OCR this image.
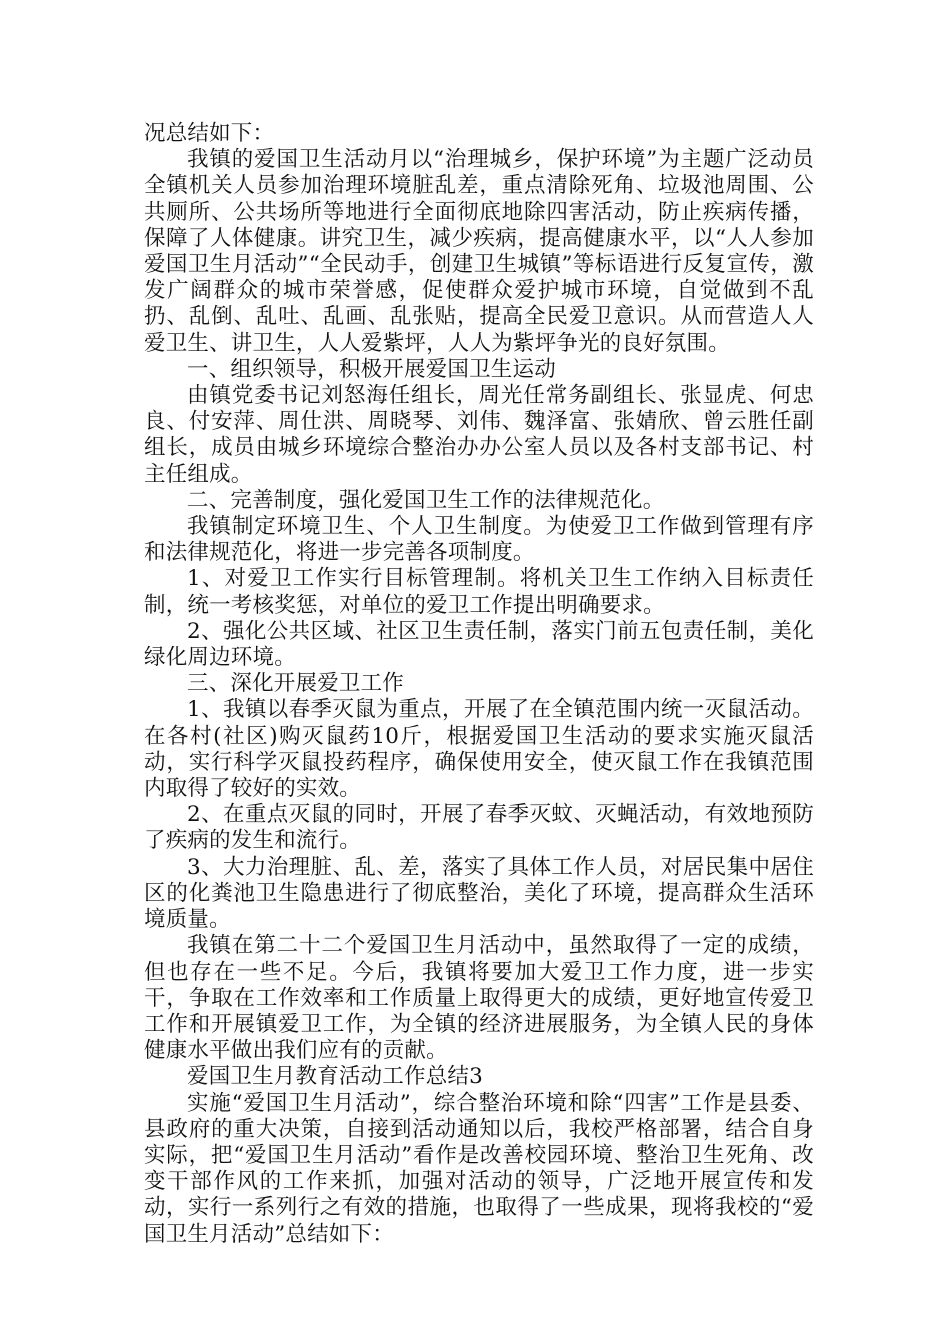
况总结如下：

我镇的爱国卫生活动月以“治理城乡，保护环境”为主题广泛动员全镇机关人员参加治理环境脏乱差，重点清除死角、垃圾池周围、公共厕所、公共场所等地进行全面彻底地除四害活动，防止疾病传播，保障了人体健康。讲究卫生，减少疾病，提高健康水平，以“人人参加爱国卫生月活动”“全民动手，创建卫生城镇”等标语进行反复宣传，激发广阔群众的城市荣誉感，促使群众爱护城市环境，自觉做到不乱扔、乱倒、乱吐、乱画、乱张贴，提高全民爱卫意识。从而营造人人爱卫生、讲卫生，人人爱紫坪，人人为紫坪争光的良好氛围。

一、组织领导，积极开展爱国卫生运动

由镇党委书记刘怒海任组长，周光任常务副组长、张显虎、何忠良、付安萍、周仕洪、周晓琴、刘伟、魏泽富、张婧欣、曾云胜任副组长，成员由城乡环境综合整治办办公室人员以及各村支部书记、村主任组成。

二、完善制度，强化爱国卫生工作的法律规范化。

我镇制定环境卫生、个人卫生制度。为使爱卫工作做到管理有序和法律规范化，将进一步完善各项制度。

1、对爱卫工作实行目标管理制。将机关卫生工作纳入目标责任制，统一考核奖惩，对单位的爱卫工作提出明确要求。

2、强化公共区域、社区卫生责任制，落实门前五包责任制，美化绿化周边环境。

三、深化开展爱卫工作

1、我镇以春季灭鼠为重点，开展了在全镇范围内统一灭鼠活动。在各村(社区)购灭鼠药10斤，根据爱国卫生活动的要求实施灭鼠活动，实行科学灭鼠投药程序，确保使用安全，使灭鼠工作在我镇范围内取得了较好的实效。

2、在重点灭鼠的同时，开展了春季灭蚊、灭蝇活动，有效地预防了疾病的发生和流行。

3、大力治理脏、乱、差，落实了具体工作人员，对居民集中居住区的化粪池卫生隐患进行了彻底整治，美化了环境，提高群众生活环境质量。

我镇在第二十二个爱国卫生月活动中，虽然取得了一定的成绩，但也存在一些不足。今后，我镇将要加大爱卫工作力度，进一步实干，争取在工作效率和工作质量上取得更大的成绩，更好地宣传爱卫工作和开展镇爱卫工作，为全镇的经济进展服务，为全镇人民的身体健康水平做出我们应有的贡献。

爱国卫生月教育活动工作总结3

实施“爱国卫生月活动”，综合整治环境和除“四害”工作是县委、县政府的重大决策，自接到活动通知以后，我校严格部署，结合自身实际，把“爱国卫生月活动”看作是改善校园环境、整治卫生死角、改变干部作风的工作来抓，加强对活动的领导，广泛地开展宣传和发动，实行一系列行之有效的措施，也取得了一些成果，现将我校的“爱国卫生月活动”总结如下：
